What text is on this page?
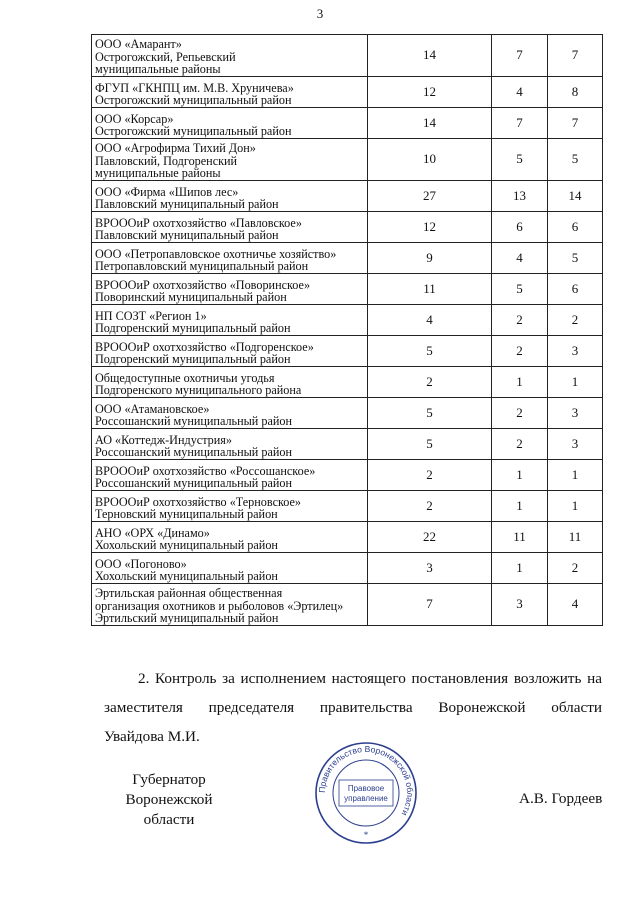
3
ООО «Амарант»
Острогожский, Репьевский
муниципальные районы	14	7	7

ФГУП «ГКНПЦ им. М.В. Хруничева»
Острогожский муниципальный район	12	4	8

ООО «Корсар»
Острогожский муниципальный район	14	7	7

ООО «Агрофирма Тихий Дон»
Павловский, Подгоренский
муниципальные районы	10	5	5

ООО «Фирма «Шипов лес»
Павловский муниципальный район	27	13	14

ВРОООиР охотхозяйство «Павловское»
Павловский муниципальный район	12	6	6

ООО «Петропавловское охотничье хозяйство»
Петропавловский муниципальный район	9	4	5

ВРОООиР охотхозяйство «Поворинское»
Поворинский муниципальный район	11	5	6

НП СОЗТ «Регион 1»
Подгоренский муниципальный район	4	2	2

ВРОООиР охотхозяйство «Подгоренское»
Подгоренский муниципальный район	5	2	3

Общедоступные охотничьи угодья
Подгоренского муниципального района	2	1	1

ООО «Атамановское»
Россошанский муниципальный район	5	2	3

АО «Коттедж-Индустрия»
Россошанский муниципальный район	5	2	3

ВРОООиР охотхозяйство «Россошанское»
Россошанский муниципальный район	2	1	1

ВРОООиР охотхозяйство «Терновское»
Терновский муниципальный район	2	1	1

АНО «ОРХ «Динамо»
Хохольский муниципальный район	22	11	11

ООО «Погоново»
Хохольский муниципальный район	3	1	2

Эртильская районная общественная
организация охотников и рыболовов «Эртилец»
Эртильский муниципальный район	7	3	4
2. Контроль за исполнением настоящего постановления возложить на
заместителя председателя правительства Воронежской области
Увайдова М.И.
Губернатор
Воронежской области
Правительство Воронежской области
Правовое
управление
*
А.В. Гордеев
